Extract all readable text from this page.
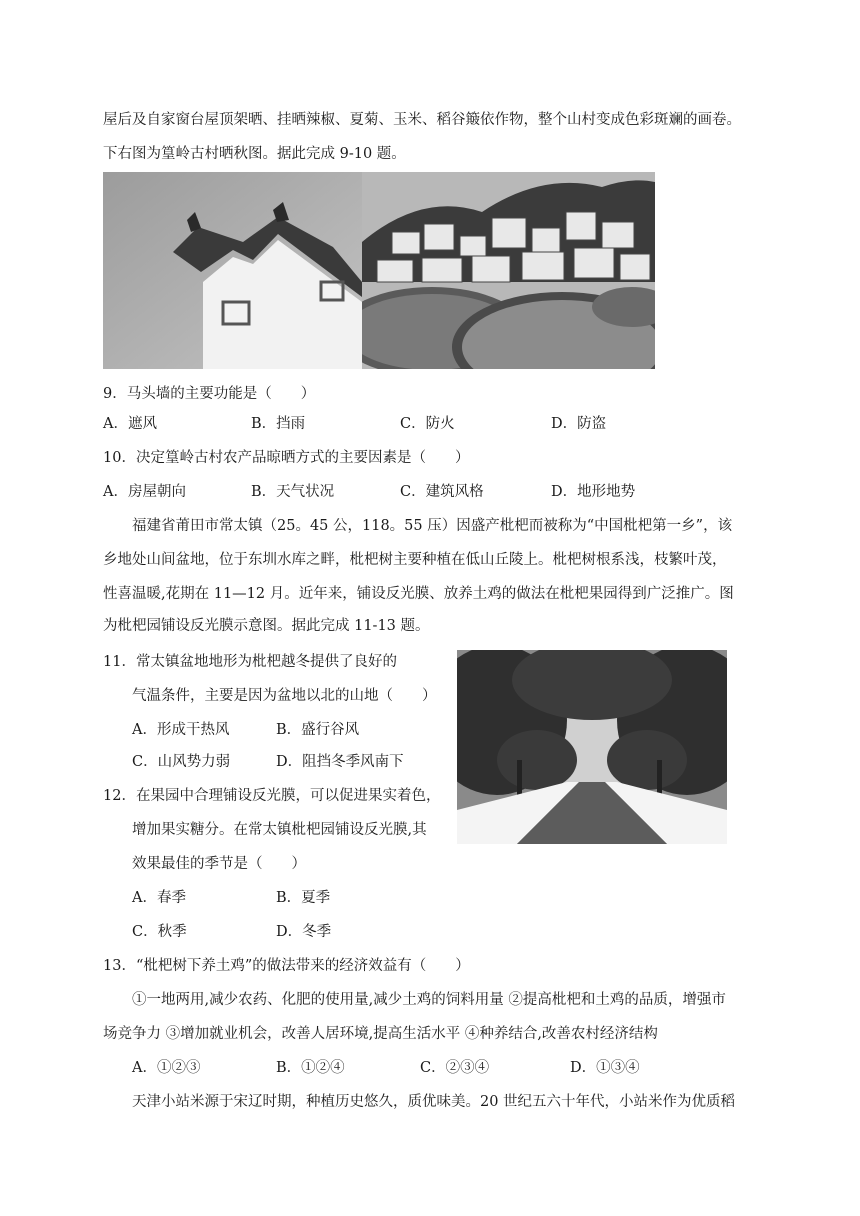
屋后及自家窗台屋顶架晒、挂晒辣椒、夏菊、玉米、稻谷簸依作物，整个山村变成色彩斑斓的画卷。
下右图为篁岭古村晒秋图。据此完成 9-10 题。
9．马头墙的主要功能是（　　）
A．遮风	B．挡雨	C．防火	D．防盗
10．决定篁岭古村农产品晾晒方式的主要因素是（　　）
A．房屋朝向	B．天气状况	C．建筑风格	D．地形地势
福建省莆田市常太镇（25。45 公，118。55 压）因盛产枇杷而被称为“中国枇杷第一乡”，该
乡地处山间盆地，位于东圳水库之畔，枇杷树主要种植在低山丘陵上。枇杷树根系浅，枝繁叶茂，
性喜温暖,花期在 11—12 月。近年来，铺设反光膜、放养土鸡的做法在枇杷果园得到广泛推广。图
为枇杷园铺设反光膜示意图。据此完成 11-13 题。
11．常太镇盆地地形为枇杷越冬提供了良好的
气温条件，主要是因为盆地以北的山地（　　）
A．形成干热风	B．盛行谷风
C．山风势力弱	D．阻挡冬季风南下
12．在果园中合理铺设反光膜，可以促进果实着色，
增加果实糖分。在常太镇枇杷园铺设反光膜,其
效果最佳的季节是（　　）
A．春季	B．夏季
C．秋季	D．冬季
13．“枇杷树下养土鸡”的做法带来的经济效益有（　　）
①一地两用,减少农药、化肥的使用量,减少土鸡的饲料用量 ②提高枇杷和土鸡的品质，增强市
场竞争力 ③增加就业机会，改善人居环境,提高生活水平 ④种养结合,改善农村经济结构
A．①②③	B．①②④	C．②③④	D．①③④
天津小站米源于宋辽时期，种植历史悠久，质优味美。20 世纪五六十年代，小站米作为优质稻
